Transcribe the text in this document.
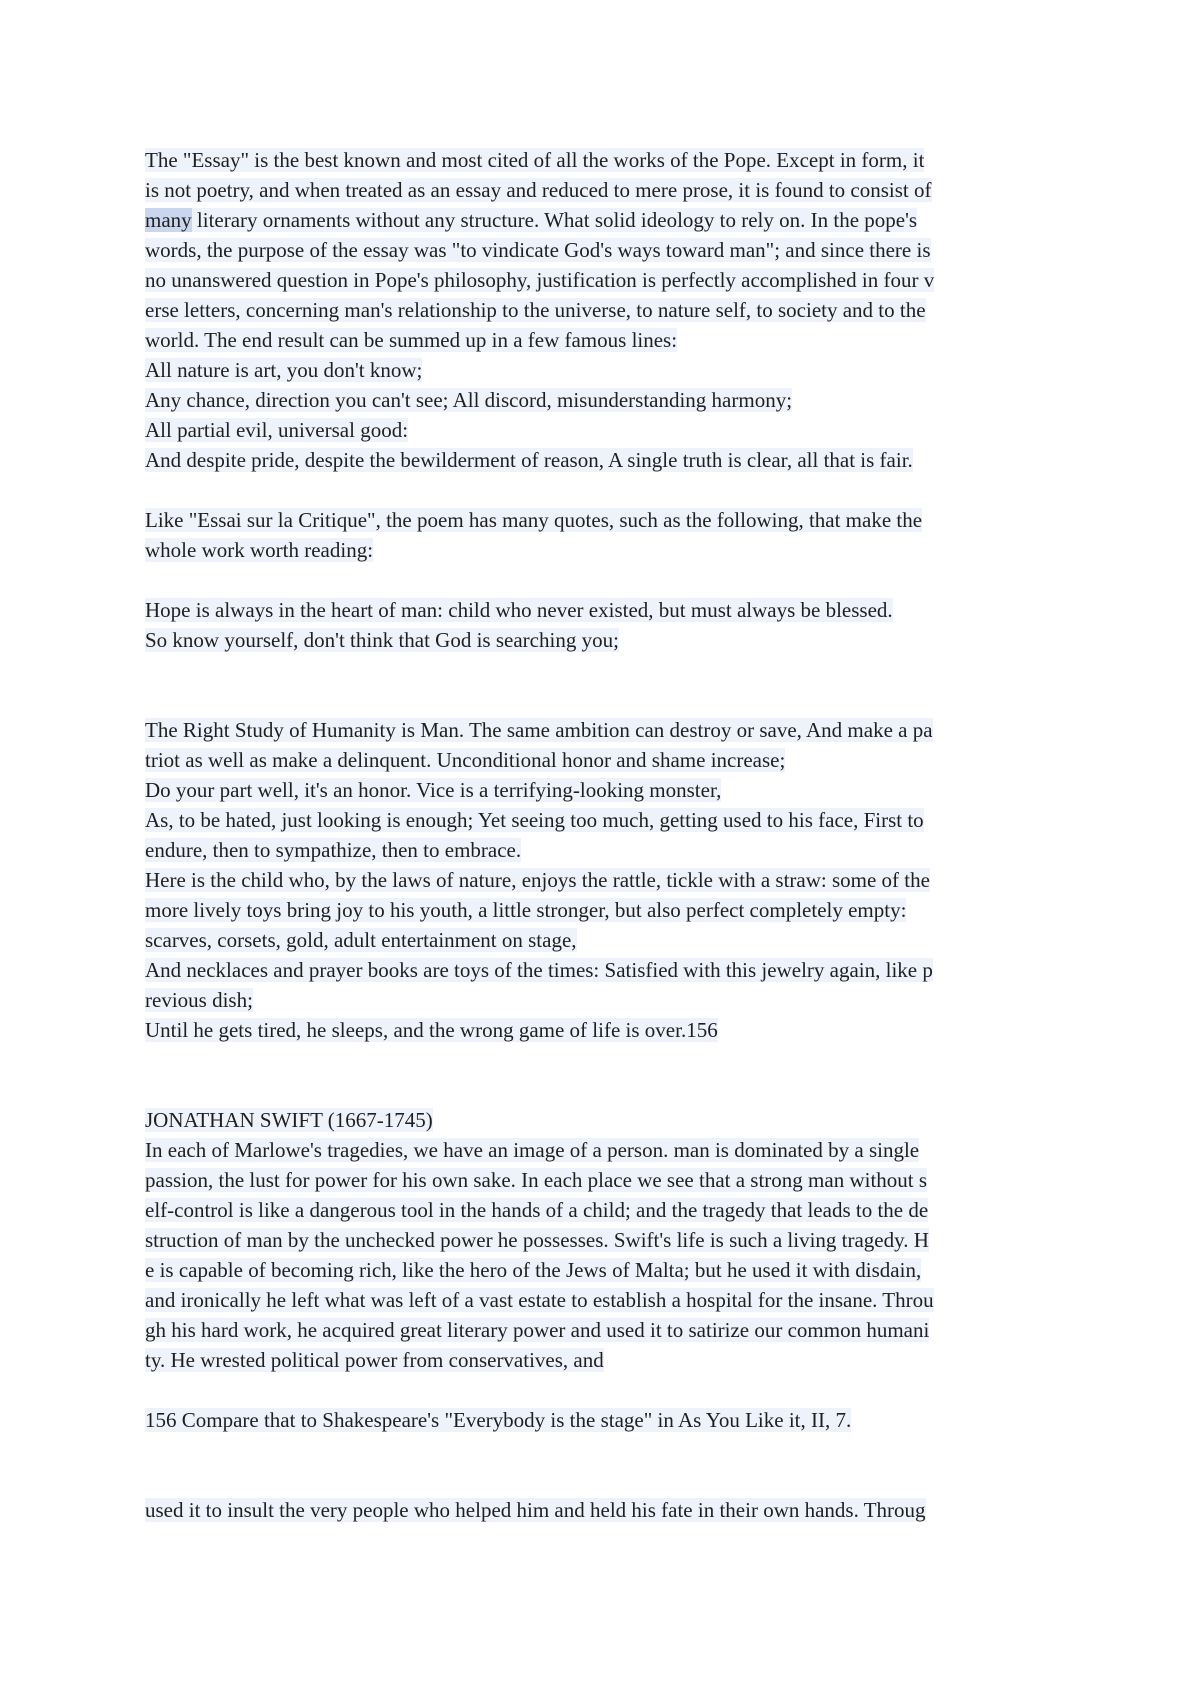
The "Essay" is the best known and most cited of all the works of the Pope. Except in form, it
is not poetry, and when treated as an essay and reduced to mere prose, it is found to consist of
many literary ornaments without any structure. What solid ideology to rely on. In the pope's
words, the purpose of the essay was "to vindicate God's ways toward man"; and since there is
no unanswered question in Pope's philosophy, justification is perfectly accomplished in four v
erse letters, concerning man's relationship to the universe, to nature self, to society and to the
world. The end result can be summed up in a few famous lines:
All nature is art, you don't know;
Any chance, direction you can't see; All discord, misunderstanding harmony;
All partial evil, universal good:
And despite pride, despite the bewilderment of reason, A single truth is clear, all that is fair.
Like "Essai sur la Critique", the poem has many quotes, such as the following, that make the
whole work worth reading:
Hope is always in the heart of man: child who never existed, but must always be blessed.
So know yourself, don't think that God is searching you;
The Right Study of Humanity is Man. The same ambition can destroy or save, And make a pa
triot as well as make a delinquent. Unconditional honor and shame increase;
Do your part well, it's an honor. Vice is a terrifying-looking monster,
As, to be hated, just looking is enough; Yet seeing too much, getting used to his face, First to
endure, then to sympathize, then to embrace.
Here is the child who, by the laws of nature, enjoys the rattle, tickle with a straw: some of the
more lively toys bring joy to his youth, a little stronger, but also perfect completely empty:
scarves, corsets, gold, adult entertainment on stage,
And necklaces and prayer books are toys of the times: Satisfied with this jewelry again, like p
revious dish;
Until he gets tired, he sleeps, and the wrong game of life is over.156
JONATHAN SWIFT (1667-1745)
In each of Marlowe's tragedies, we have an image of a person. man is dominated by a single
passion, the lust for power for his own sake. In each place we see that a strong man without s
elf-control is like a dangerous tool in the hands of a child; and the tragedy that leads to the de
struction of man by the unchecked power he possesses. Swift's life is such a living tragedy. H
e is capable of becoming rich, like the hero of the Jews of Malta; but he used it with disdain,
and ironically he left what was left of a vast estate to establish a hospital for the insane. Throu
gh his hard work, he acquired great literary power and used it to satirize our common humani
ty. He wrested political power from conservatives, and
156 Compare that to Shakespeare's "Everybody is the stage" in As You Like it, II, 7.
used it to insult the very people who helped him and held his fate in their own hands. Throug
